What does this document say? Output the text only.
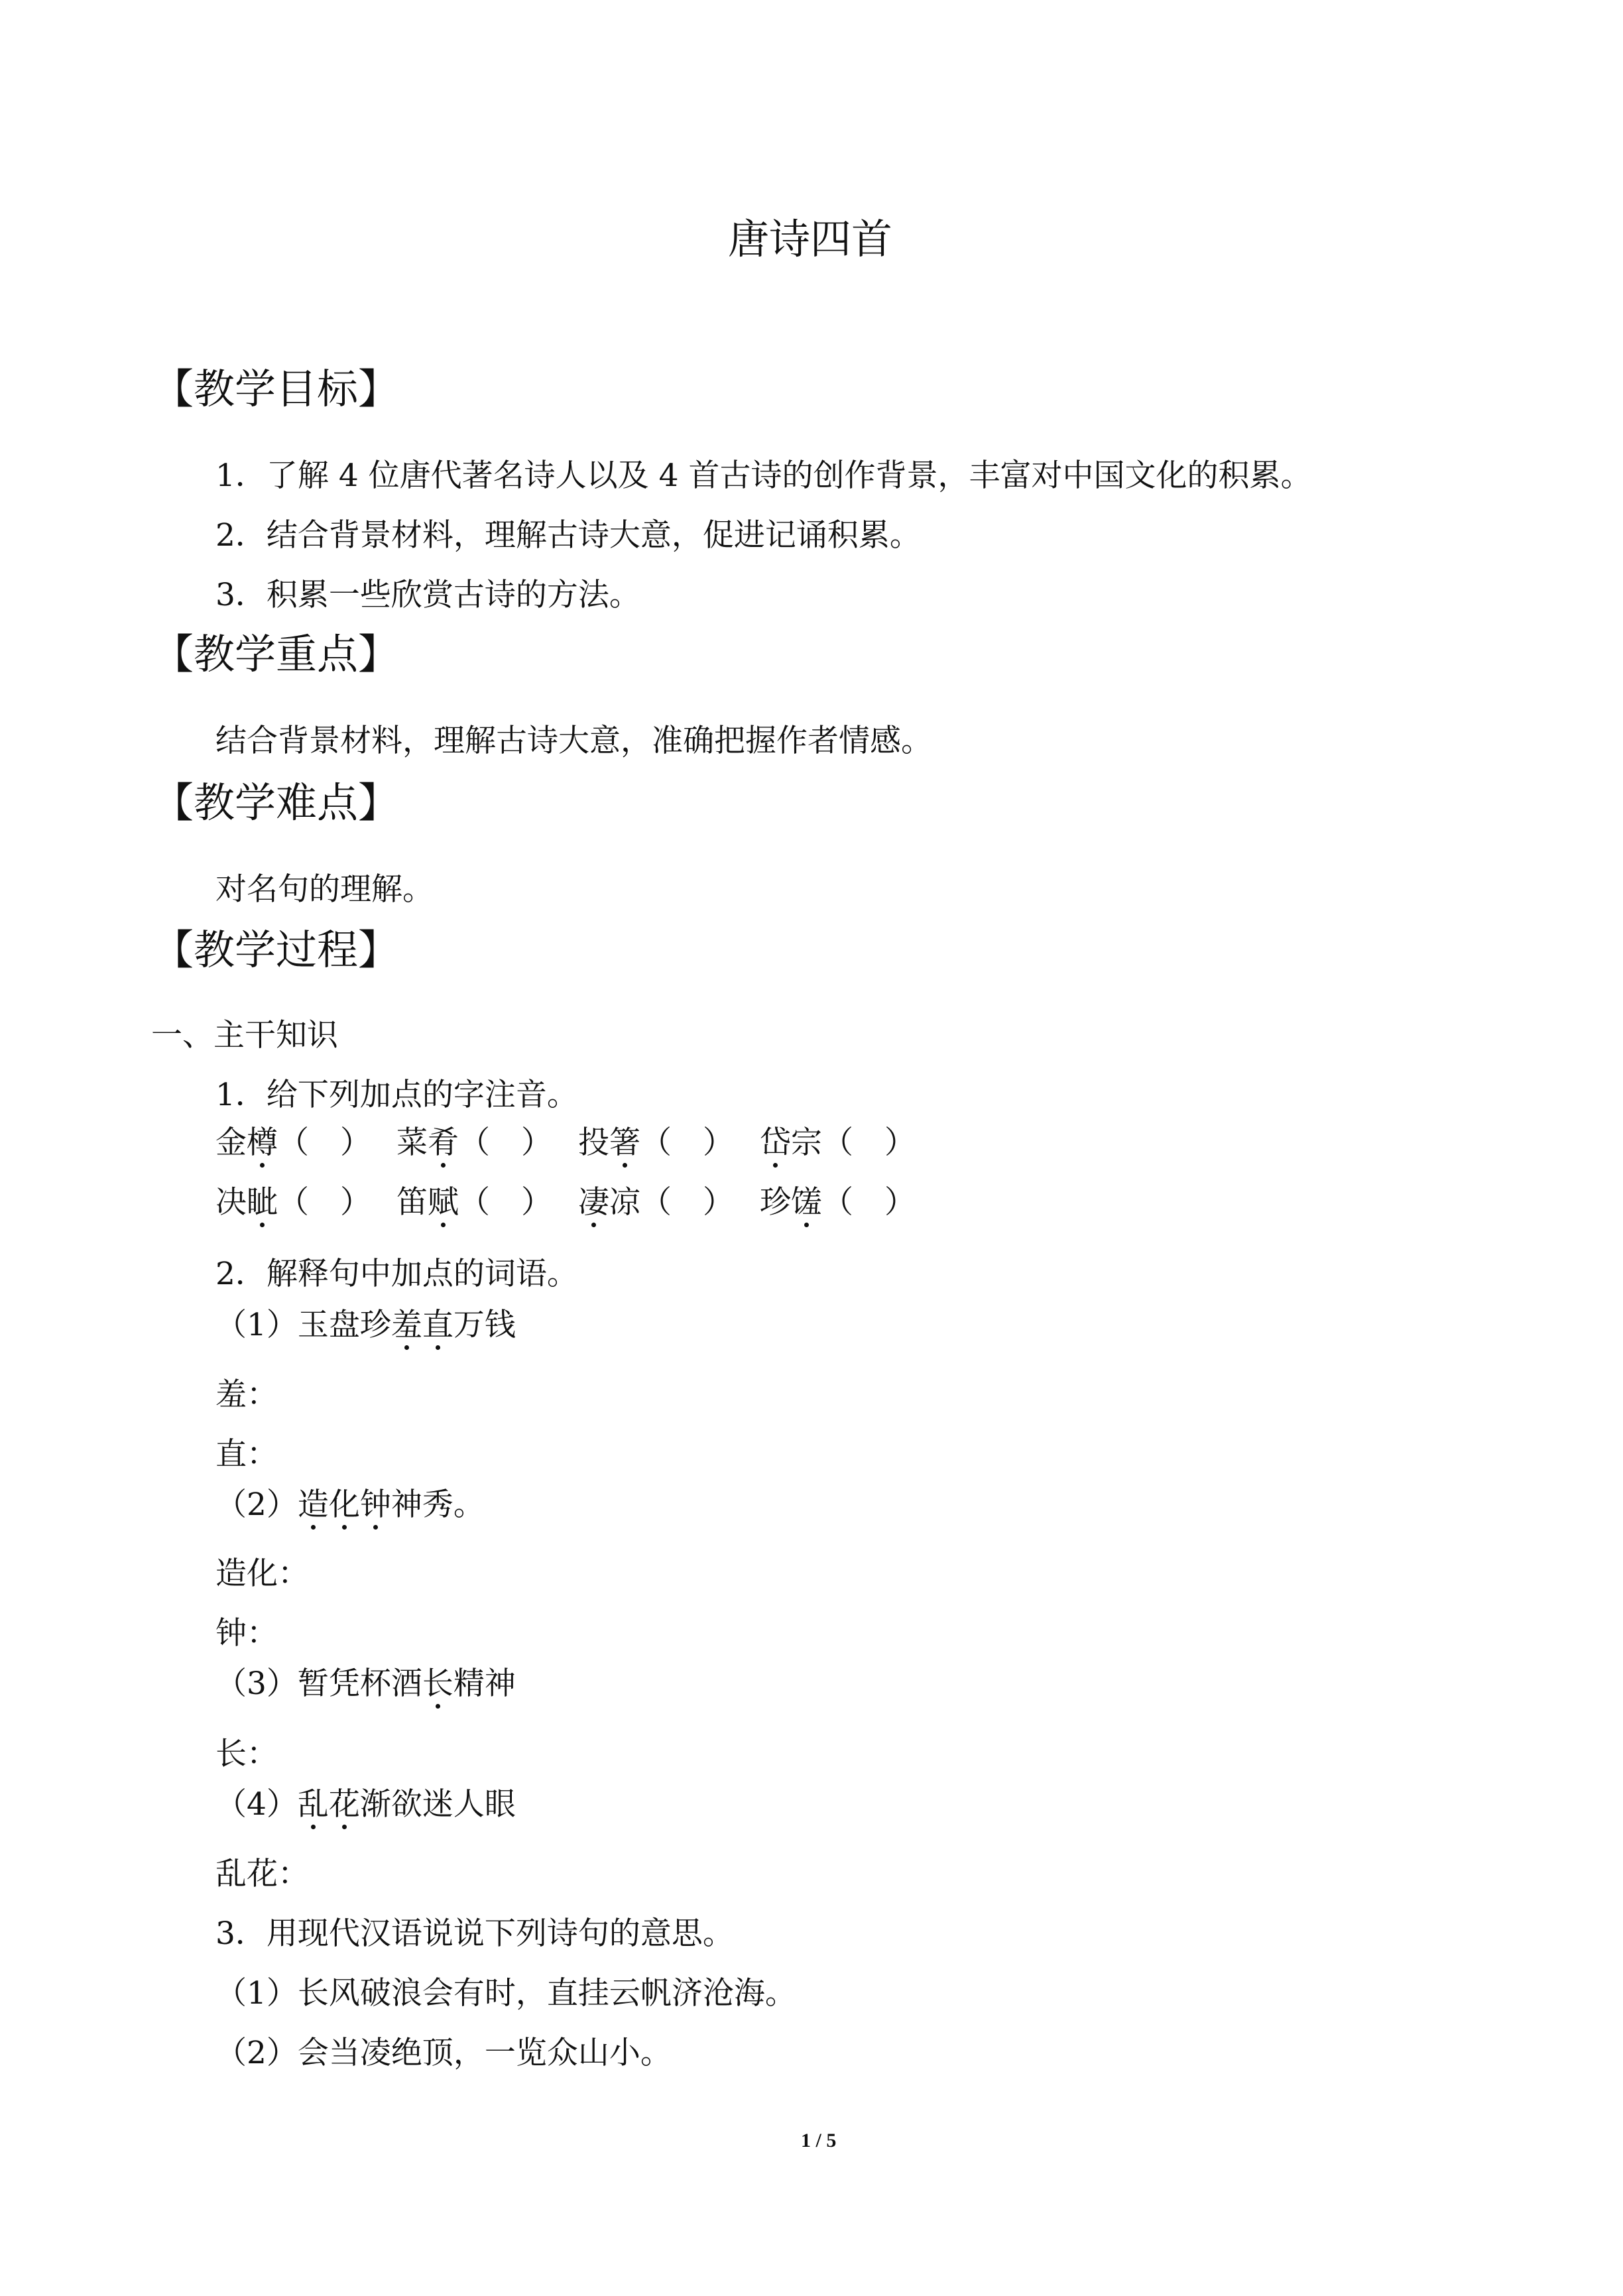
唐诗四首
【教学目标】
1．了解 4 位唐代著名诗人以及 4 首古诗的创作背景，丰富对中国文化的积累。
2．结合背景材料，理解古诗大意，促进记诵积累。
3．积累一些欣赏古诗的方法。
【教学重点】
结合背景材料，理解古诗大意，准确把握作者情感。
【教学难点】
对名句的理解。
【教学过程】
一、主干知识
1．给下列加点的字注音。
金樽（　） 菜肴（　） 投箸（　） 岱宗（　）
决眦（　） 笛赋（　） 凄凉（　） 珍馐（　）
2．解释句中加点的词语。
（1）玉盘珍羞直万钱
羞：
直：
（2）造化钟神秀。
造化：
钟：
（3）暂凭杯酒长精神
长：
（4）乱花渐欲迷人眼
乱花：
3．用现代汉语说说下列诗句的意思。
（1）长风破浪会有时，直挂云帆济沧海。
（2）会当凌绝顶，一览众山小。
1 / 5
